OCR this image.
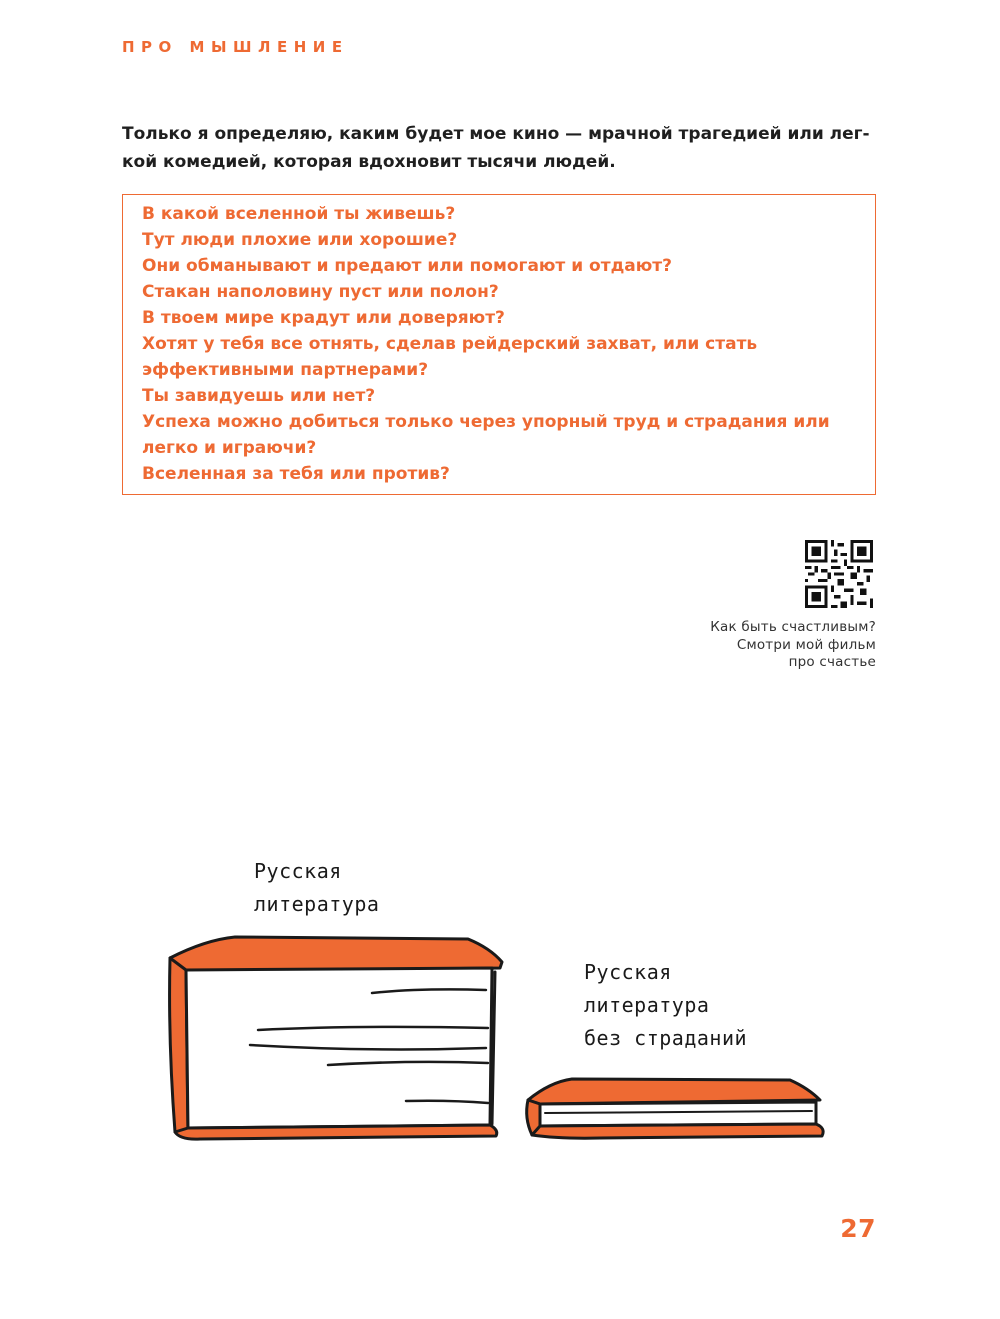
ПРО МЫШЛЕНИЕ

Только я определяю, каким будет мое кино — мрачной трагедией или лег-кой комедией, которая вдохновит тысячи людей.

В какой вселенной ты живешь?
Тут люди плохие или хорошие?
Они обманывают и предают или помогают и отдают?
Стакан наполовину пуст или полон?
В твоем мире крадут или доверяют?
Хотят у тебя все отнять, сделав рейдерский захват, или стать эффективными партнерами?
Ты завидуешь или нет?
Успеха можно добиться только через упорный труд и страдания или легко и играючи?
Вселенная за тебя или против?
Как быть счастливым?
Смотри мой фильм
про счастье
Русская
литература
Русская
литература
без страданий
27
